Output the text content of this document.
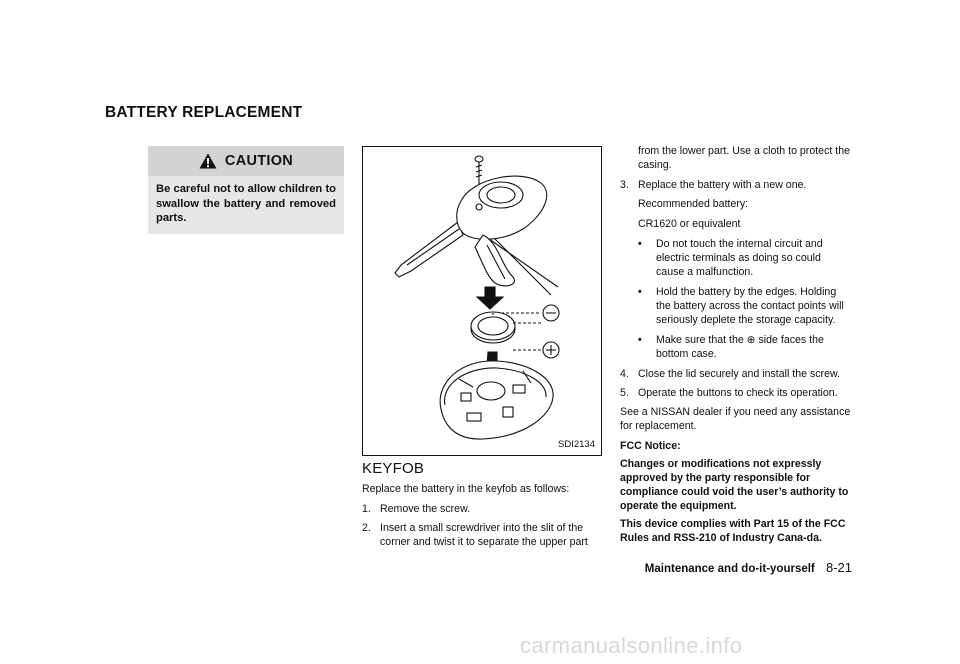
BATTERY REPLACEMENT
CAUTION
Be careful not to allow children to swallow the battery and removed parts.
SDI2134
KEYFOB
Replace the battery in the keyfob as follows:
1. Remove the screw.
2. Insert a small screwdriver into the slit of the corner and twist it to separate the upper part
from the lower part. Use a cloth to protect the casing.
3. Replace the battery with a new one.
Recommended battery:
CR1620 or equivalent
•	Do not touch the internal circuit and electric terminals as doing so could cause a malfunction.
•	Hold the battery by the edges. Holding the battery across the contact points will seriously deplete the storage capacity.
•	Make sure that the ⊕ side faces the bottom case.
4. Close the lid securely and install the screw.
5. Operate the buttons to check its operation.
See a NISSAN dealer if you need any assistance for replacement.
FCC Notice:
Changes or modifications not expressly approved by the party responsible for compliance could void the user’s authority to operate the equipment.
This device complies with Part 15 of the FCC Rules and RSS-210 of Industry Cana-da.
Maintenance and do-it-yourself 8-21
carmanualsonline.info
